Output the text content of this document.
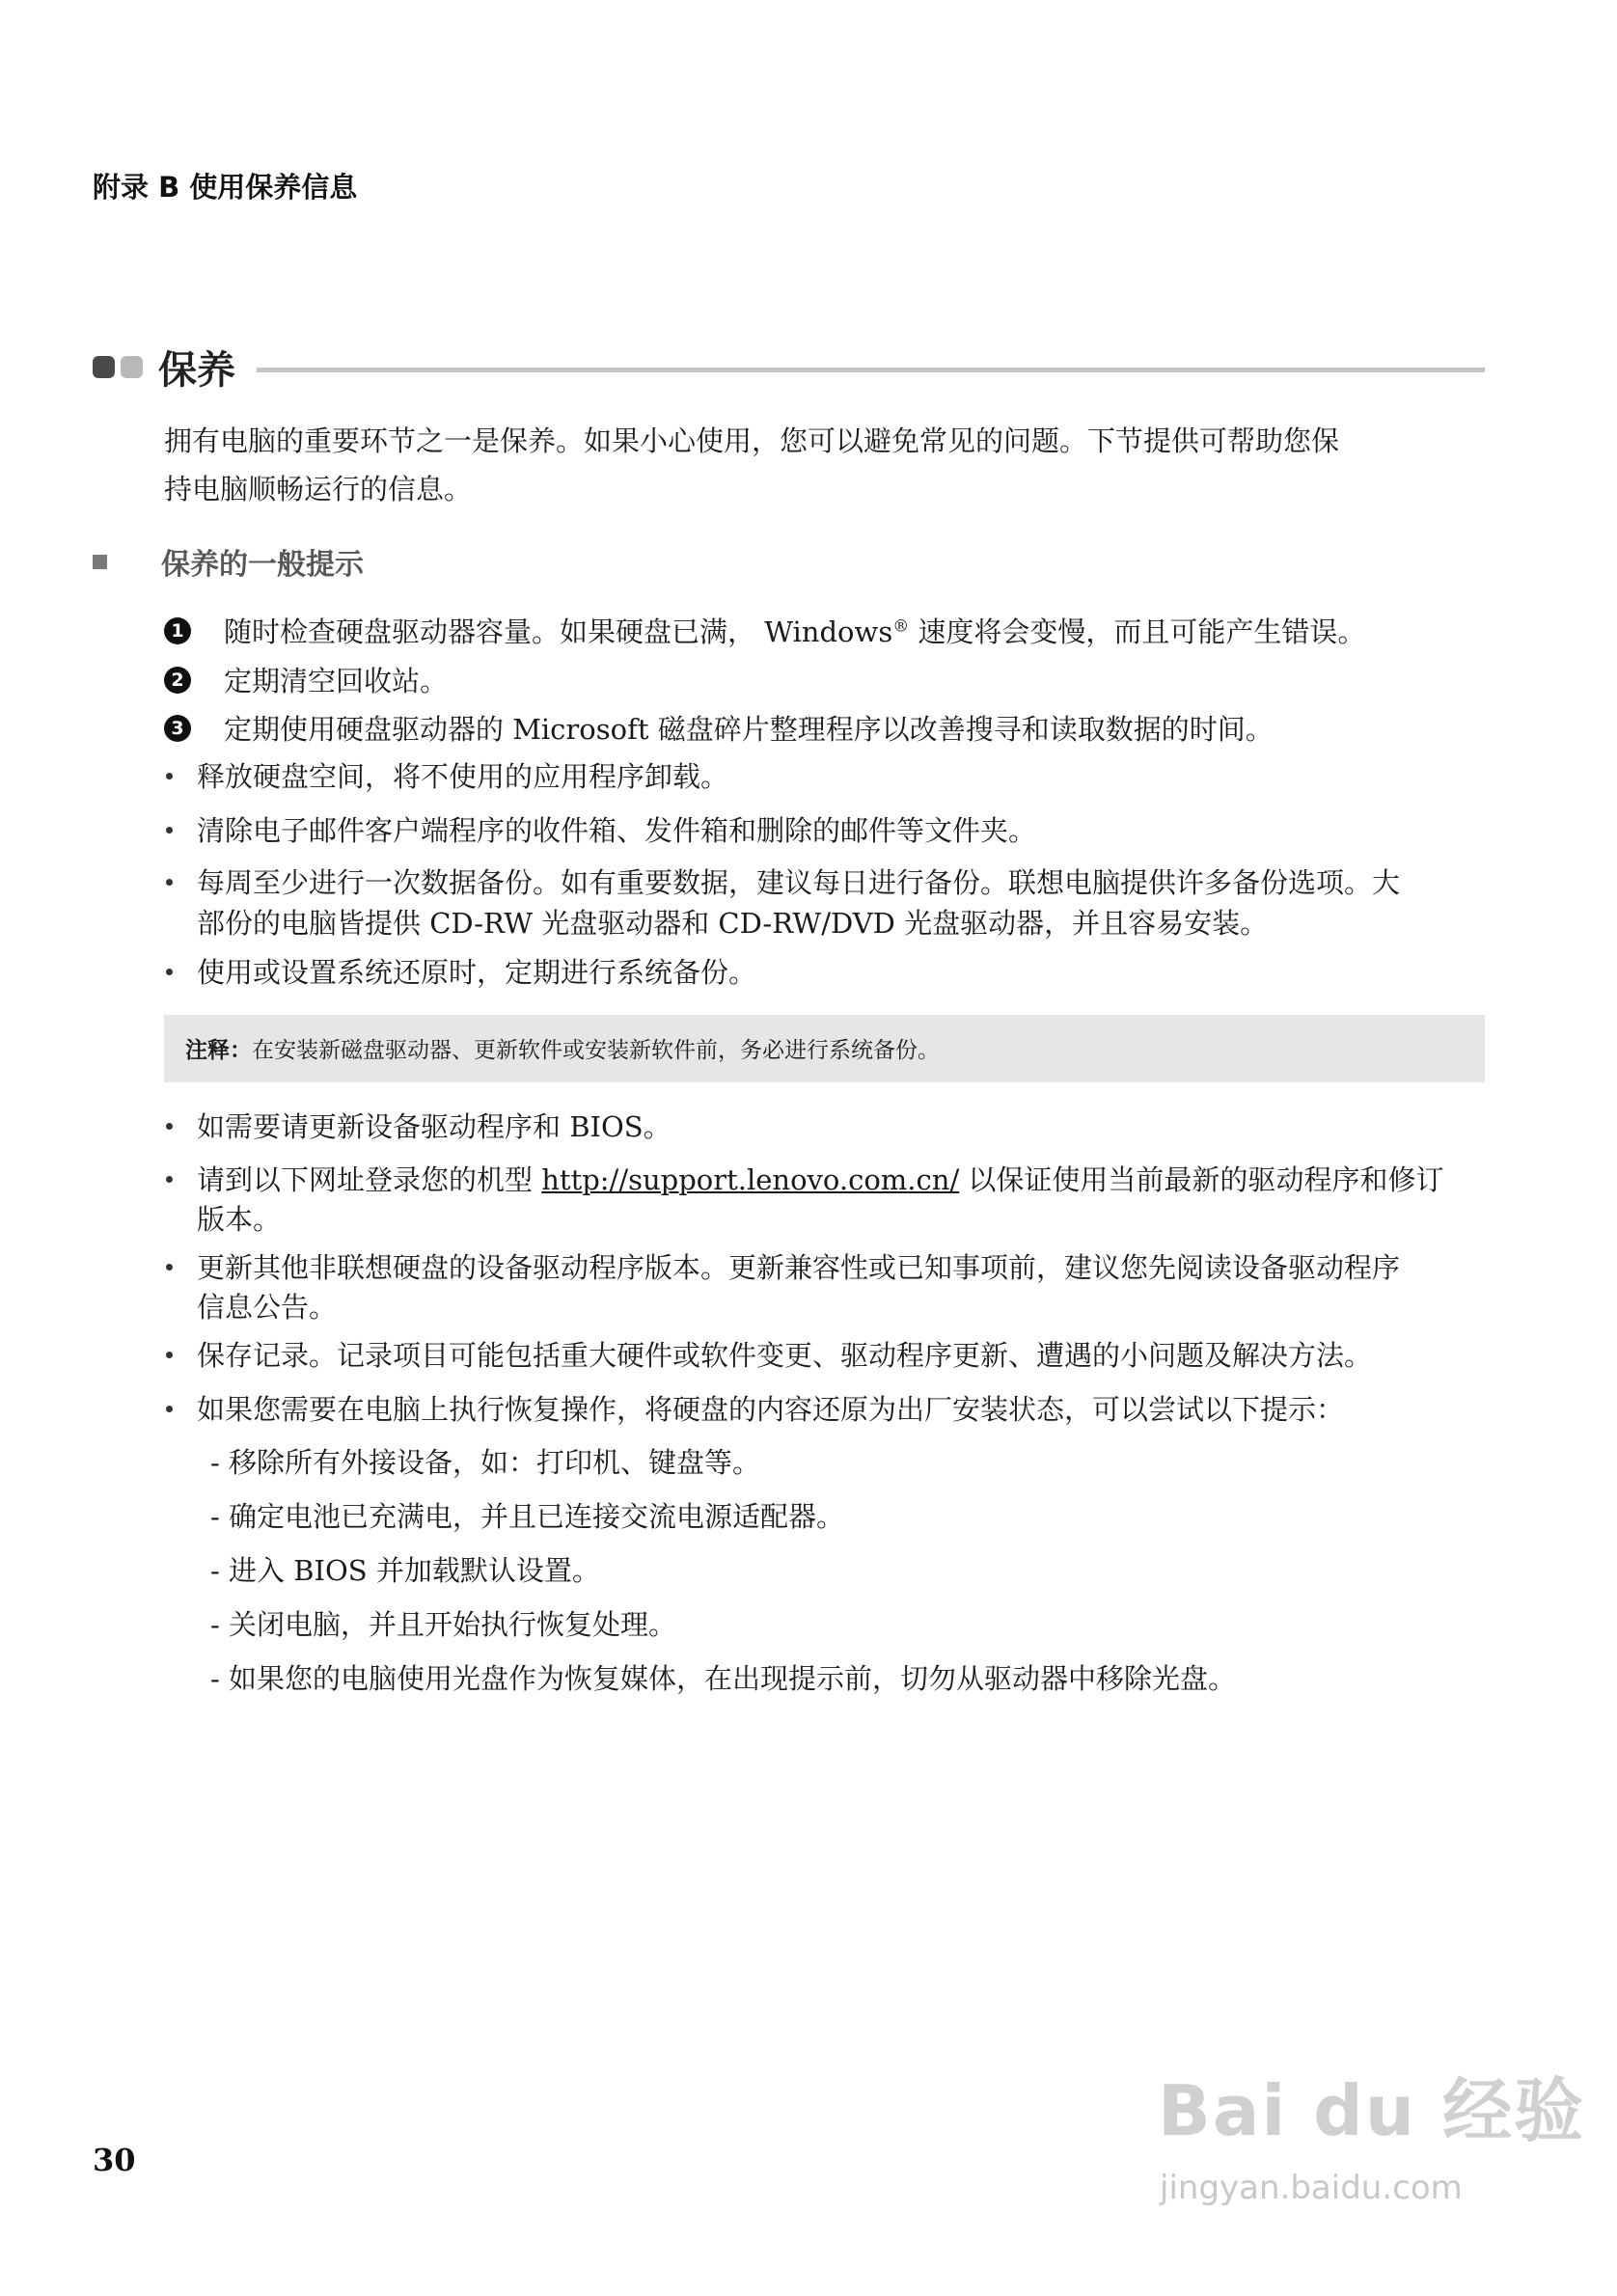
附录 B 使用保养信息
保养
拥有电脑的重要环节之一是保养。如果小心使用，您可以避免常见的问题。下节提供可帮助您保
持电脑顺畅运行的信息。
保养的一般提示
1 随时检查硬盘驱动器容量。如果硬盘已满， Windows® 速度将会变慢，而且可能产生错误。
2 定期清空回收站。
3 定期使用硬盘驱动器的 Microsoft 磁盘碎片整理程序以改善搜寻和读取数据的时间。
释放硬盘空间，将不使用的应用程序卸载。
清除电子邮件客户端程序的收件箱、发件箱和删除的邮件等文件夹。
每周至少进行一次数据备份。如有重要数据，建议每日进行备份。联想电脑提供许多备份选项。大
部份的电脑皆提供 CD-RW 光盘驱动器和 CD-RW/DVD 光盘驱动器，并且容易安装。
使用或设置系统还原时，定期进行系统备份。
注释：在安装新磁盘驱动器、更新软件或安装新软件前，务必进行系统备份。
如需要请更新设备驱动程序和 BIOS。
请到以下网址登录您的机型 http://support.lenovo.com.cn/ 以保证使用当前最新的驱动程序和修订
版本。
更新其他非联想硬盘的设备驱动程序版本。更新兼容性或已知事项前，建议您先阅读设备驱动程序
信息公告。
保存记录。记录项目可能包括重大硬件或软件变更、驱动程序更新、遭遇的小问题及解决方法。
如果您需要在电脑上执行恢复操作，将硬盘的内容还原为出厂安装状态，可以尝试以下提示：
- 移除所有外接设备，如：打印机、键盘等。
- 确定电池已充满电，并且已连接交流电源适配器。
- 进入 BIOS 并加载默认设置。
- 关闭电脑，并且开始执行恢复处理。
- 如果您的电脑使用光盘作为恢复媒体，在出现提示前，切勿从驱动器中移除光盘。
30
Bai du 经验
jingyan.baidu.com
